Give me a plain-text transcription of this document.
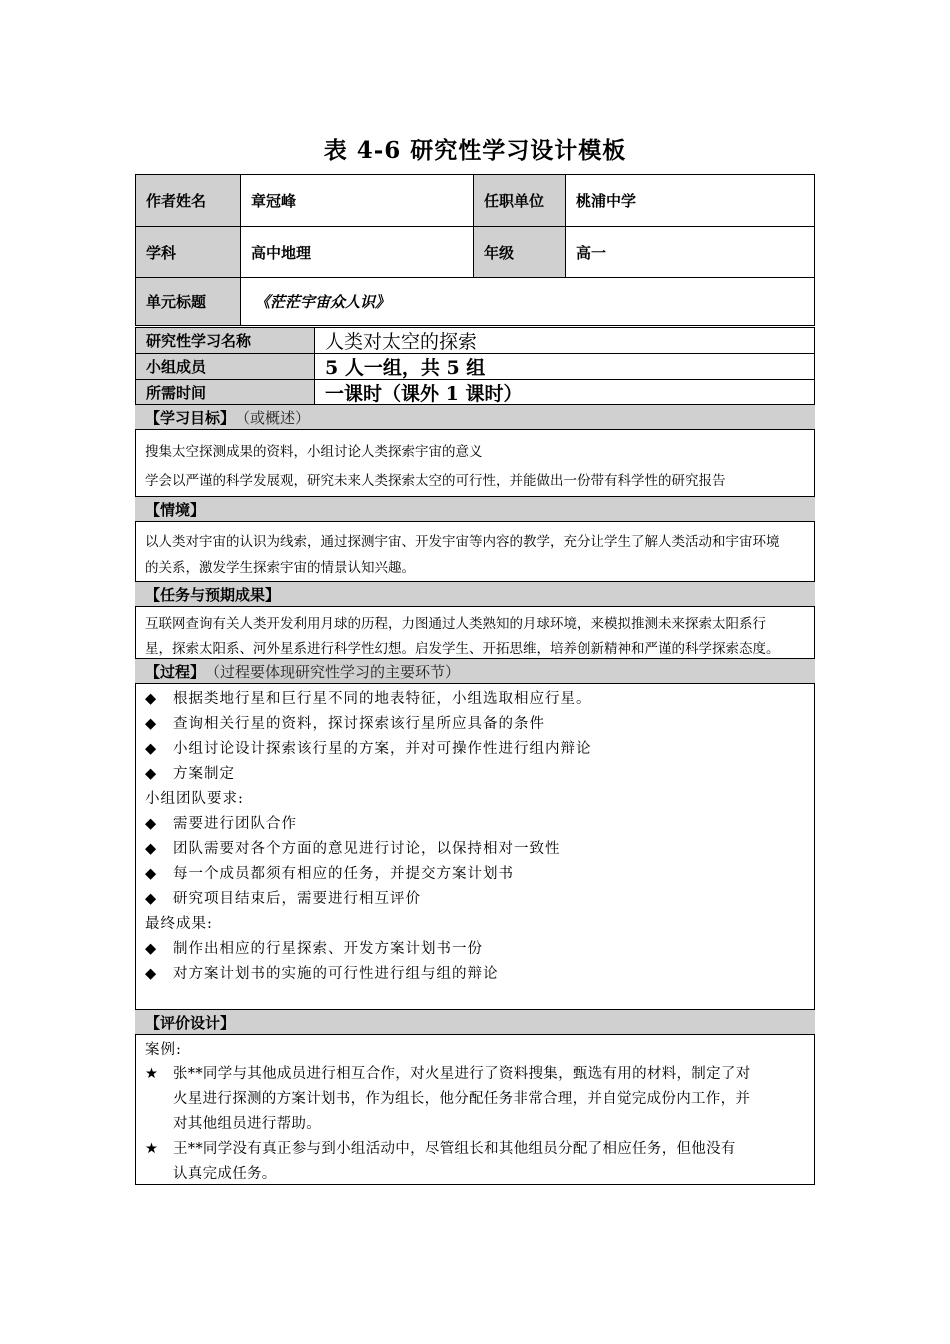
表 4-6 研究性学习设计模板
作者姓名	章冠峰	任职单位	桃浦中学
学科	高中地理	年级	高一
单元标题	《茫茫宇宙众人识》
研究性学习名称	人类对太空的探索
小组成员	5 人一组，共 5 组
所需时间	一课时（课外 1 课时）
【学习目标】 （或概述）
搜集太空探测成果的资料，小组讨论人类探索宇宙的意义
学会以严谨的科学发展观，研究未来人类探索太空的可行性，并能做出一份带有科学性的研究报告
【情境】
以人类对宇宙的认识为线索，通过探测宇宙、开发宇宙等内容的教学，充分让学生了解人类活动和宇宙环境
的关系，激发学生探索宇宙的情景认知兴趣。
【任务与预期成果】
互联网查询有关人类开发利用月球的历程，力图通过人类熟知的月球环境，来模拟推测未来探索太阳系行
星，探索太阳系、河外星系进行科学性幻想。启发学生、开拓思维，培养创新精神和严谨的科学探索态度。
【过程】 （过程要体现研究性学习的主要环节）
◆ 根据类地行星和巨行星不同的地表特征，小组选取相应行星。
◆ 查询相关行星的资料，探讨探索该行星所应具备的条件
◆ 小组讨论设计探索该行星的方案，并对可操作性进行组内辩论
◆ 方案制定
小组团队要求:
◆ 需要进行团队合作
◆ 团队需要对各个方面的意见进行讨论，以保持相对一致性
◆ 每一个成员都须有相应的任务，并提交方案计划书
◆ 研究项目结束后，需要进行相互评价
最终成果:
◆ 制作出相应的行星探索、开发方案计划书一份
◆ 对方案计划书的实施的可行性进行组与组的辩论
【评价设计】
案例:
★ 张**同学与其他成员进行相互合作，对火星进行了资料搜集，甄选有用的材料，制定了对
火星进行探测的方案计划书，作为组长，他分配任务非常合理，并自觉完成份内工作，并
对其他组员进行帮助。
★ 王**同学没有真正参与到小组活动中，尽管组长和其他组员分配了相应任务，但他没有
认真完成任务。
